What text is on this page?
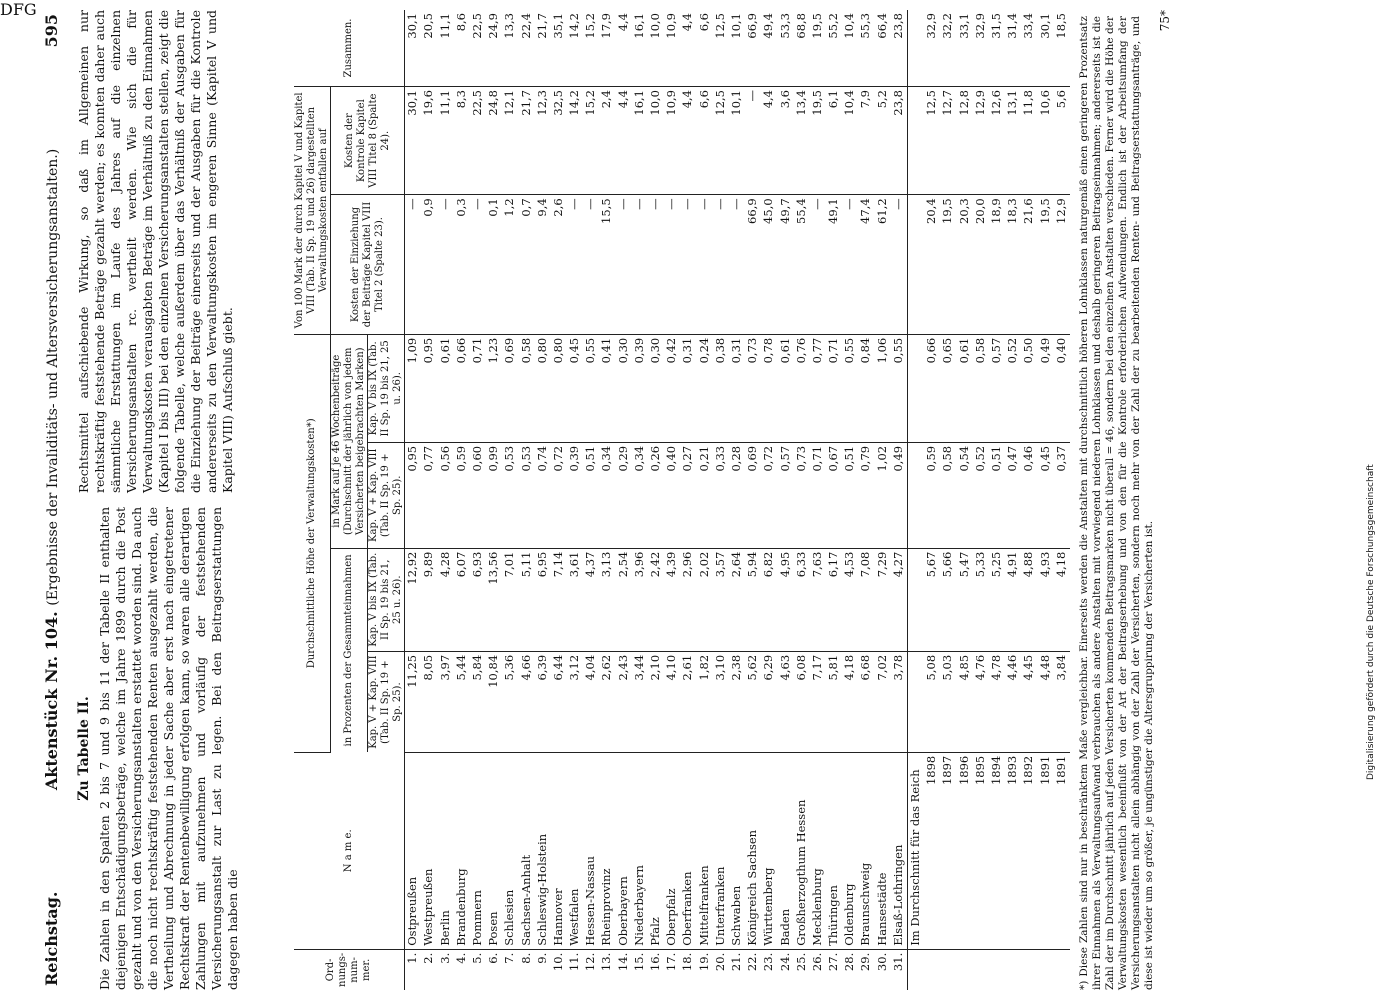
Reichstag.
Aktenstück Nr. 104. (Ergebnisse der Invaliditäts- und Altersversicherungsanstalten.)
595
Zu Tabelle II. Die Zahlen in den Spalten 2 bis 7 und 9 bis 11 der Tabelle II enthalten diejenigen Entschädigungsbeträge, welche im Jahre 1899 durch die Post gezahlt und von den Versicherungsanstalten erstattet worden sind. Da auch die noch nicht rechtskräftig feststehenden Renten ausgezahlt werden, die Vertheilung und Abrechnung in jeder Sache aber erst nach eingetretener Rechtskraft der Rentenbewilligung erfolgen kann, so waren alle derartigen Zahlungen mit aufzunehmen und vorläufig der feststehenden Versicherungsanstalt zur Last zu legen. Bei den Beitragserstattungen dagegen haben die
Rechtsmittel aufschiebende Wirkung, so daß im Allgemeinen nur rechtskräftig feststehende Beträge gezahlt werden; es konnten daher auch sämmtliche Erstattungen im Laufe des Jahres auf die einzelnen Versicherungsanstalten rc. vertheilt werden. Wie sich die für Verwaltungskosten verausgabten Beträge im Verhältniß zu den Einnahmen (Kapitel I bis III) bei den einzelnen Versicherungsanstalten stellen, zeigt die folgende Tabelle, welche außerdem über das Verhältniß der Ausgaben für die Einziehung der Beiträge einerseits und der Ausgaben für die Kontrole andererseits zu den Verwaltungskosten im engeren Sinne (Kapitel V und Kapitel VIII) Aufschluß giebt.
Ord-nungs-num-mer.	N a m e.	Durchschnittliche Höhe der Verwaltungskosten*)				Von 100 Mark der durch Kapitel V und Kapitel VIII (Tab. II Sp. 19 und 26) dargestellten Verwaltungskosten entfallen auf		Zusammen.
		in Prozenten der Gesammteinnahmen		in Mark auf je 46 Wochenbeiträge (Durchschnitt der jährlich von jedem Versicherten beigebrachten Marken)		Kosten der Einziehung der Beiträge Kapitel VIII Titel 2 (Spalte 23).	Kosten der Kontrole Kapitel VIII Titel 8 (Spalte 24).	
		Kap. V + Kap. VIII (Tab. II Sp. 19 + Sp. 25).	Kap. V bis IX (Tab. II Sp. 19 bis 21, 25 u. 26).	Kap. V + Kap. VIII (Tab. II Sp. 19 + Sp. 25).	Kap. V bis IX (Tab. II Sp. 19 bis 21, 25 u. 26).			
1.	Ostpreußen	11,25	12,92	0,95	1,09	—	30,1	30,1
2.	Westpreußen	8,05	9,89	0,77	0,95	0,9	19,6	20,5
3.	Berlin	3,97	4,28	0,56	0,61	—	11,1	11,1
4.	Brandenburg	5,44	6,07	0,59	0,66	0,3	8,3	8,6
5.	Pommern	5,84	6,93	0,60	0,71	—	22,5	22,5
6.	Posen	10,84	13,56	0,99	1,23	0,1	24,8	24,9
7.	Schlesien	5,36	7,01	0,53	0,69	1,2	12,1	13,3
8.	Sachsen-Anhalt	4,66	5,11	0,53	0,58	0,7	21,7	22,4
9.	Schleswig-Holstein	6,39	6,95	0,74	0,80	9,4	12,3	21,7
10.	Hannover	6,44	7,14	0,72	0,80	2,6	32,5	35,1
11.	Westfalen	3,12	3,61	0,39	0,45	—	14,2	14,2
12.	Hessen-Nassau	4,04	4,37	0,51	0,55	—	15,2	15,2
13.	Rheinprovinz	2,62	3,13	0,34	0,41	15,5	2,4	17,9
14.	Oberbayern	2,43	2,54	0,29	0,30	—	4,4	4,4
15.	Niederbayern	3,44	3,96	0,34	0,39	—	16,1	16,1
16.	Pfalz	2,10	2,42	0,26	0,30	—	10,0	10,0
17.	Oberpfalz	4,10	4,39	0,40	0,42	—	10,9	10,9
18.	Oberfranken	2,61	2,96	0,27	0,31	—	4,4	4,4
19.	Mittelfranken	1,82	2,02	0,21	0,24	—	6,6	6,6
20.	Unterfranken	3,10	3,57	0,33	0,38	—	12,5	12,5
21.	Schwaben	2,38	2,64	0,28	0,31	—	10,1	10,1
22.	Königreich Sachsen	5,62	5,94	0,69	0,73	66,9	—	66,9
23.	Württemberg	6,29	6,82	0,72	0,78	45,0	4,4	49,4
24.	Baden	4,63	4,95	0,57	0,61	49,7	3,6	53,3
25.	Großherzogthum Hessen	6,08	6,33	0,73	0,76	55,4	13,4	68,8
26.	Mecklenburg	7,17	7,63	0,71	0,77	—	19,5	19,5
27.	Thüringen	5,81	6,17	0,67	0,71	49,1	6,1	55,2
28.	Oldenburg	4,18	4,53	0,51	0,55	—	10,4	10,4
29.	Braunschweig	6,68	7,08	0,79	0,84	47,4	7,9	55,3
30.	Hansestädte	7,02	7,29	1,02	1,06	61,2	5,2	66,4
31.	Elsaß-Lothringen	3,78	4,27	0,49	0,55	—	23,8	23,8
	Im Durchschnitt für das Reich							
	1898	5,08	5,67	0,59	0,66	20,4	12,5	32,9
	1897	5,03	5,66	0,58	0,65	19,5	12,7	32,2
	1896	4,85	5,47	0,54	0,61	20,3	12,8	33,1
	1895	4,76	5,33	0,52	0,58	20,0	12,9	32,9
	1894	4,78	5,25	0,51	0,57	18,9	12,6	31,5
	1893	4,46	4,91	0,47	0,52	18,3	13,1	31,4
	1892	4,45	4,88	0,46	0,50	21,6	11,8	33,4
	1891	4,48	4,93	0,45	0,49	19,5	10,6	30,1
	1891	3,84	4,18	0,37	0,40	12,9	5,6	18,5 *) Diese Zahlen sind nur in beschränktem Maße vergleichbar. Einerseits werden die Anstalten mit durchschnittlich höheren Lohnklassen naturgemäß einen geringeren Prozentsatz ihrer Einnahmen als Verwaltungsaufwand verbrauchen als andere Anstalten mit vorwiegend niederen Lohnklassen und deshalb geringeren Beitragseinnahmen; andererseits ist die Zahl der im Durchschnitt jährlich auf jeden Versicherten kommenden Beitragsmarken nicht überall = 46, sondern bei den einzelnen Anstalten verschieden. Ferner wird die Höhe der Verwaltungskosten wesentlich beeinflußt von der Art der Beitragserhebung und von den für die Kontrole erforderlichen Aufwendungen. Endlich ist der Arbeitsumfang der Versicherungsanstalten nicht allein abhängig von der Zahl der Versicherten, sondern noch mehr von der Zahl der zu bearbeitenden Renten- und Beitragserstattungsanträge, und diese ist wieder um so größer, je ungünstiger die Altersgruppirung der Versicherten ist.
75*
Digitalisierung gefördert durch die Deutsche Forschungsgemeinschaft
DFG
